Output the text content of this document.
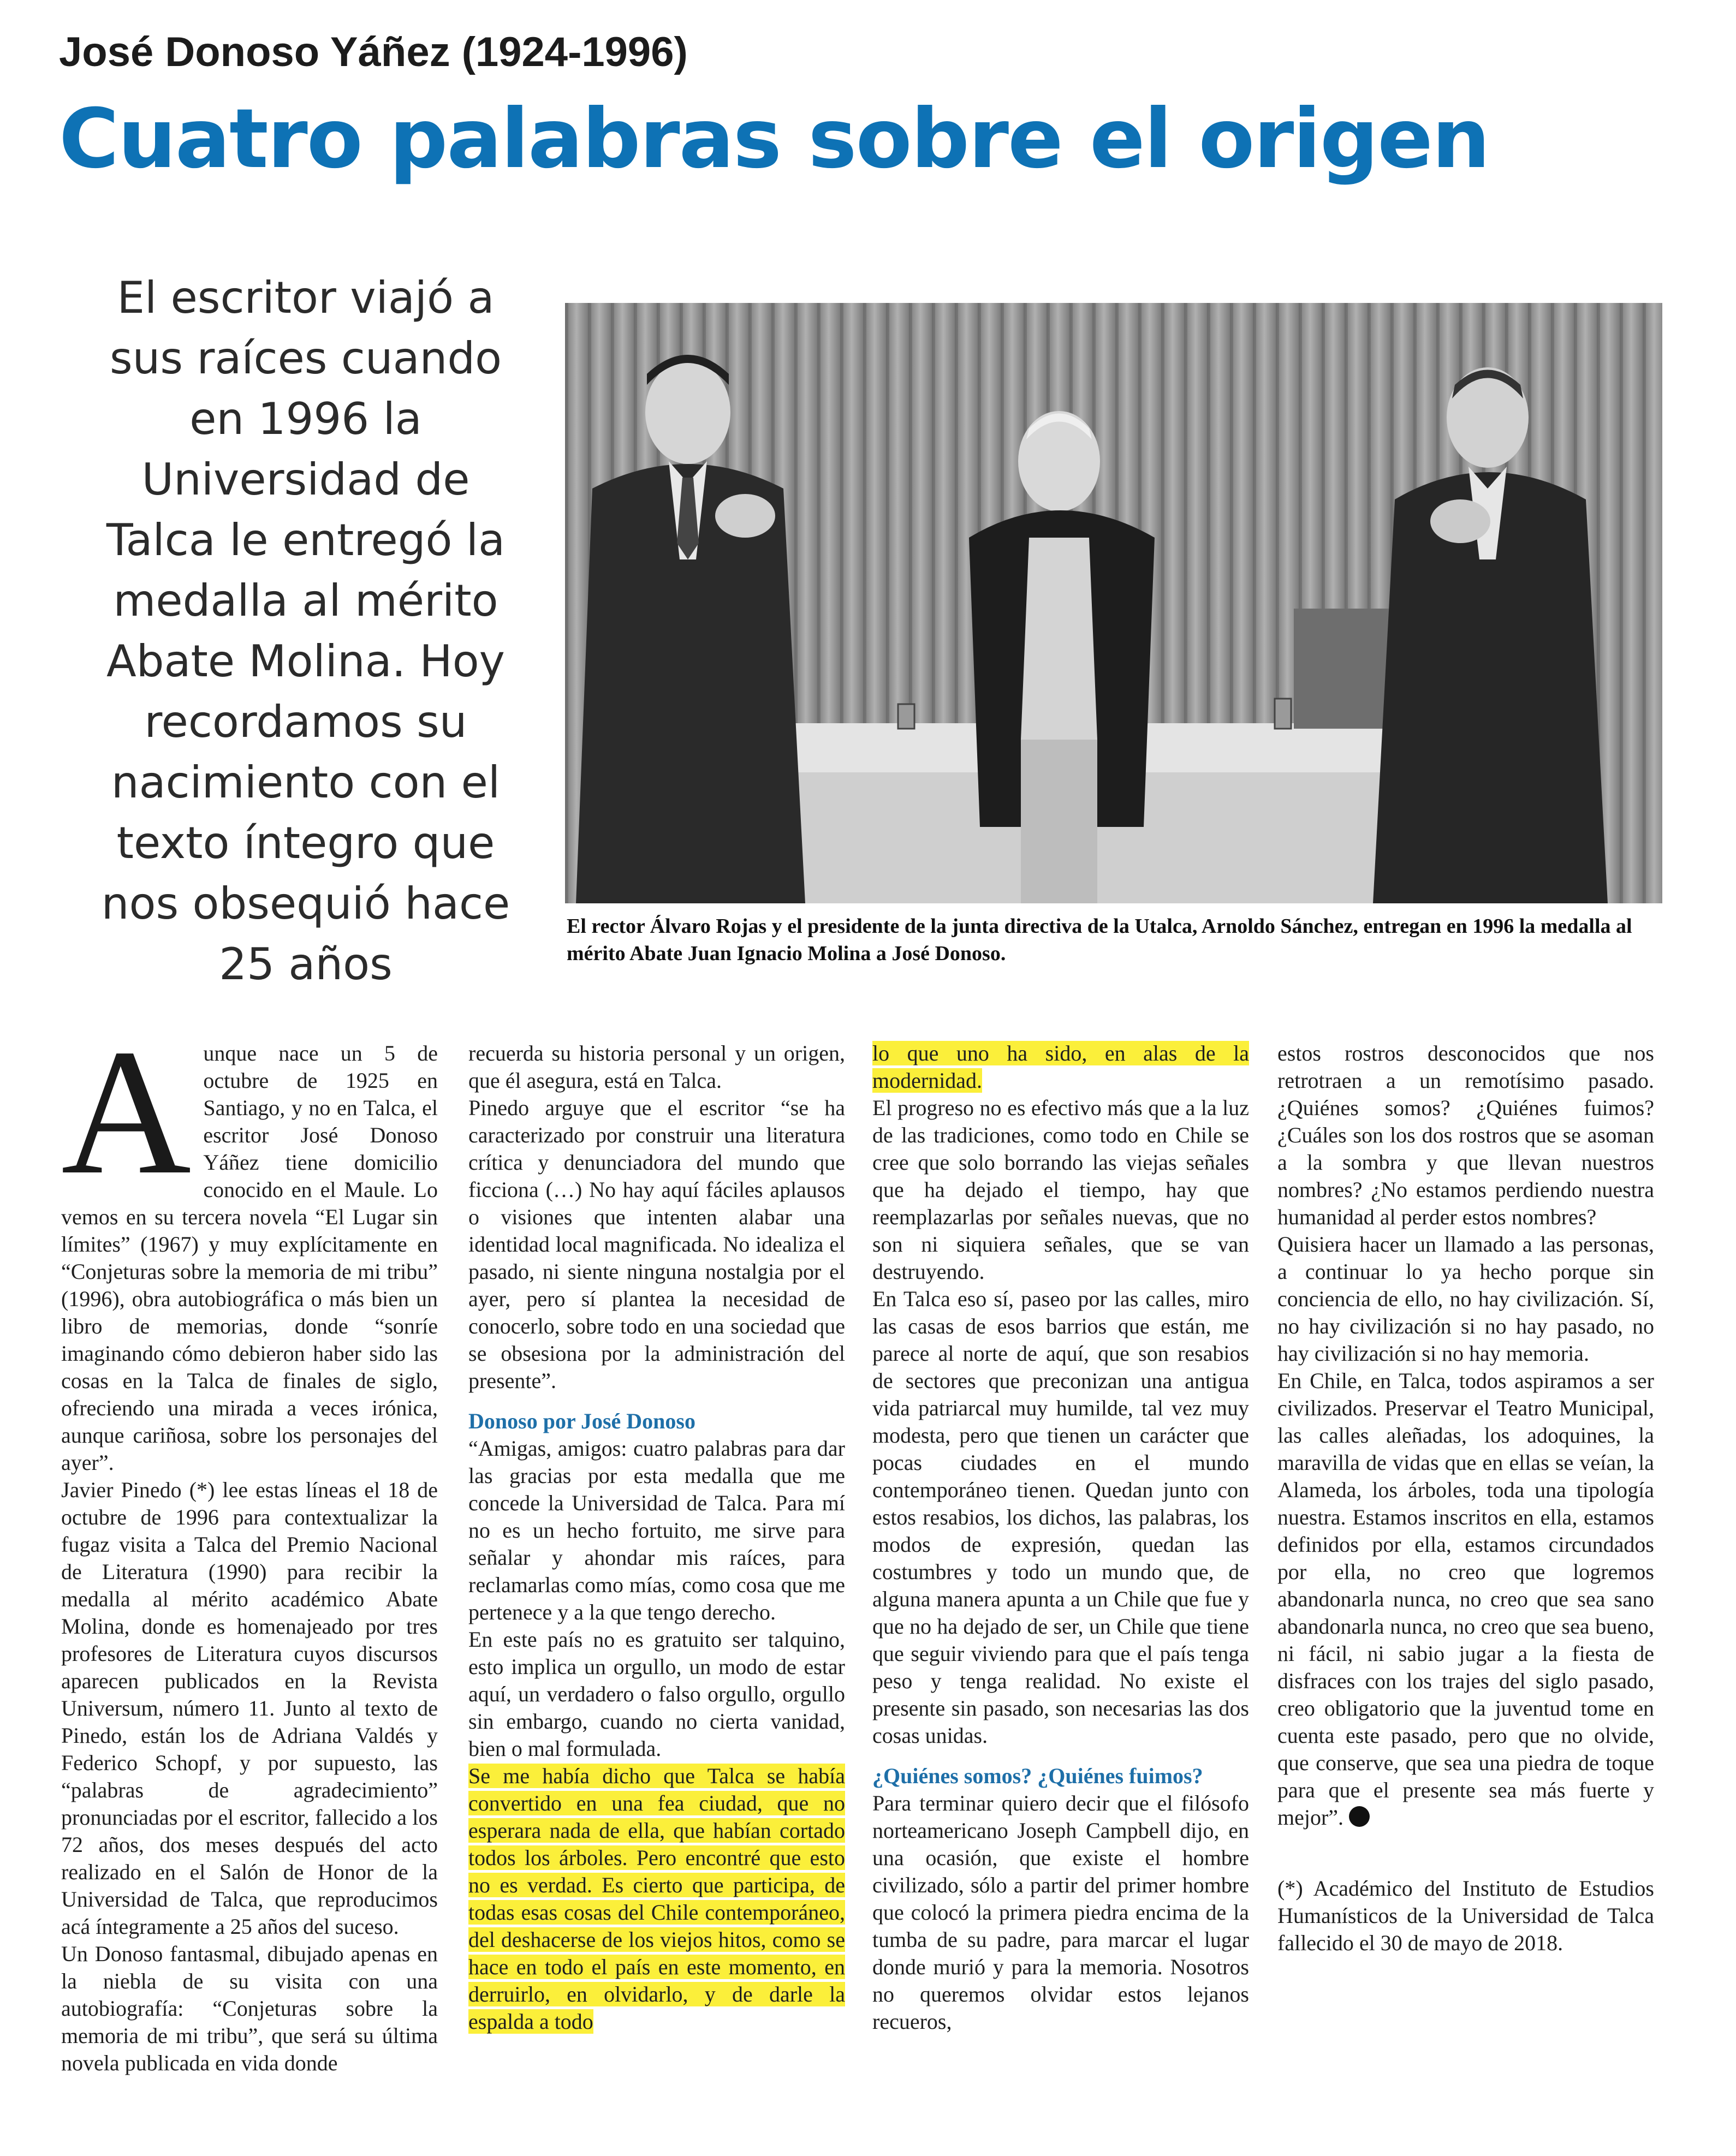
José Donoso Yáñez (1924-1996)
Cuatro palabras sobre el origen
El escritor viajó a sus raíces cuando en 1996 la Universidad de Talca le entregó la medalla al mérito Abate Molina. Hoy recordamos su nacimiento con el texto íntegro que nos obsequió hace 25 años
El rector Álvaro Rojas y el presidente de la junta directiva de la Utalca, Arnoldo Sánchez, entregan en 1996 la medalla al mérito Abate Juan Ignacio Molina a José Donoso.
A unque nace un 5 de octubre de 1925 en Santiago, y no en Talca, el escritor José Donoso Yáñez tiene domicilio conocido en el Maule. Lo vemos en su tercera novela “El Lugar sin límites” (1967) y muy explícitamente en “Conjeturas sobre la memoria de mi tribu” (1996), obra autobiográfica o más bien un libro de memorias, donde “sonríe imaginando cómo debieron haber sido las cosas en la Talca de finales de siglo, ofreciendo una mirada a veces irónica, aunque cariñosa, sobre los personajes del ayer”.

Javier Pinedo (*) lee estas líneas el 18 de octubre de 1996 para contextualizar la fugaz visita a Talca del Premio Nacional de Literatura (1990) para recibir la medalla al mérito académico Abate Molina, donde es homenajeado por tres profesores de Literatura cuyos discursos aparecen publicados en la Revista Universum, número 11. Junto al texto de Pinedo, están los de Adriana Valdés y Federico Schopf, y por supuesto, las “palabras de agradecimiento” pronunciadas por el escritor, fallecido a los 72 años, dos meses después del acto realizado en el Salón de Honor de la Universidad de Talca, que reproducimos acá íntegramente a 25 años del suceso.

Un Donoso fantasmal, dibujado apenas en la niebla de su visita con una autobiografía: “Conjeturas sobre la memoria de mi tribu”, que será su última novela publicada en vida donde

recuerda su historia personal y un origen, que él asegura, está en Talca.

Pinedo arguye que el escritor “se ha caracterizado por construir una literatura crítica y denunciadora del mundo que ficciona (…) No hay aquí fáciles aplausos o visiones que intenten alabar una identidad local magnificada. No idealiza el pasado, ni siente ninguna nostalgia por el ayer, pero sí plantea la necesidad de conocerlo, sobre todo en una sociedad que se obsesiona por la administración del presente”.

Donoso por José Donoso

“Amigas, amigos: cuatro palabras para dar las gracias por esta medalla que me concede la Universidad de Talca. Para mí no es un hecho fortuito, me sirve para señalar y ahondar mis raíces, para reclamarlas como mías, como cosa que me pertenece y a la que tengo derecho.

En este país no es gratuito ser talquino, esto implica un orgullo, un modo de estar aquí, un verdadero o falso orgullo, orgullo sin embargo, cuando no cierta vanidad, bien o mal formulada.

Se me había dicho que Talca se había convertido en una fea ciudad, que no esperara nada de ella, que habían cortado todos los árboles. Pero encontré que esto no es verdad. Es cierto que participa, de todas esas cosas del Chile contemporáneo, del deshacerse de los viejos hitos, como se hace en todo el país en este momento, en derruirlo, en olvidarlo, y de darle la espalda a todo

lo que uno ha sido, en alas de la modernidad.

El progreso no es efectivo más que a la luz de las tradiciones, como todo en Chile se cree que solo borrando las viejas señales que ha dejado el tiempo, hay que reemplazarlas por señales nuevas, que no son ni siquiera señales, que se van destruyendo.

En Talca eso sí, paseo por las calles, miro las casas de esos barrios que están, me parece al norte de aquí, que son resabios de sectores que preconizan una antigua vida patriarcal muy humilde, tal vez muy modesta, pero que tienen un carácter que pocas ciudades en el mundo contemporáneo tienen. Quedan junto con estos resabios, los dichos, las palabras, los modos de expresión, quedan las costumbres y todo un mundo que, de alguna manera apunta a un Chile que fue y que no ha dejado de ser, un Chile que tiene que seguir viviendo para que el país tenga peso y tenga realidad. No existe el presente sin pasado, son necesarias las dos cosas unidas.

¿Quiénes somos? ¿Quiénes fuimos?

Para terminar quiero decir que el filósofo norteamericano Joseph Campbell dijo, en una ocasión, que existe el hombre civilizado, sólo a partir del primer hombre que colocó la primera piedra encima de la tumba de su padre, para marcar el lugar donde murió y para la memoria. Nosotros no queremos olvidar estos lejanos recueros,

estos rostros desconocidos que nos retrotraen a un remotísimo pasado. ¿Quiénes somos? ¿Quiénes fuimos? ¿Cuáles son los dos rostros que se asoman a la sombra y que llevan nuestros nombres? ¿No estamos perdiendo nuestra humanidad al perder estos nombres?

Quisiera hacer un llamado a las personas, a continuar lo ya hecho porque sin conciencia de ello, no hay civilización. Sí, no hay civilización si no hay pasado, no hay civilización si no hay memoria.

En Chile, en Talca, todos aspiramos a ser civilizados. Preservar el Teatro Municipal, las calles aleñadas, los adoquines, la maravilla de vidas que en ellas se veían, la Alameda, los árboles, toda una tipología nuestra. Estamos inscritos en ella, estamos definidos por ella, estamos circundados por ella, no creo que logremos abandonarla nunca, no creo que sea sano abandonarla nunca, no creo que sea bueno, ni fácil, ni sabio jugar a la fiesta de disfraces con los trajes del siglo pasado, creo obligatorio que la juventud tome en cuenta este pasado, pero que no olvide, que conserve, que sea una piedra de toque para que el presente sea más fuerte y mejor”.

(*) Académico del Instituto de Estudios Humanísticos de la Universidad de Talca fallecido el 30 de mayo de 2018.
